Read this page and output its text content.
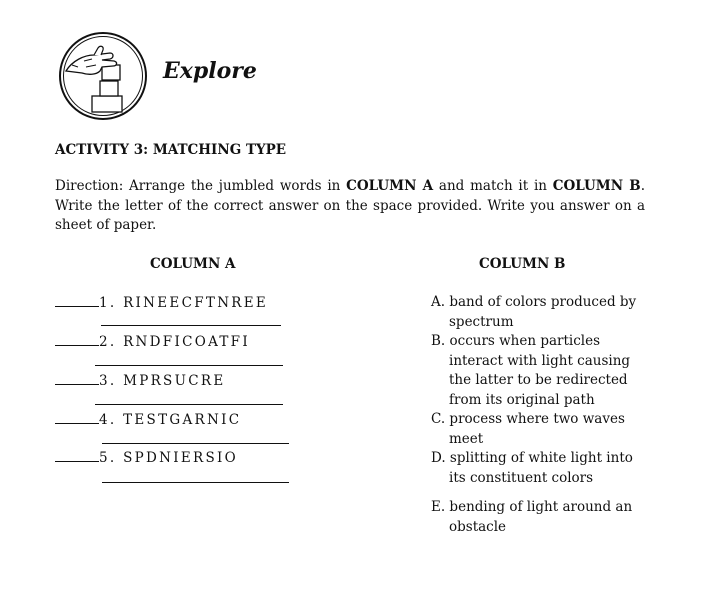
Explore
ACTIVITY 3: MATCHING TYPE
Direction: Arrange the jumbled words in COLUMN A and match it in COLUMN B. Write the letter of the correct answer on the space provided. Write you answer on a sheet of paper.
COLUMN A	COLUMN B
1. RINEECFTNREE
2. RNDFICOATFI
3. MPRSUCRE
4. TESTGARNIC
5. SPDNIERSIO
A. band of colors produced by
spectrum
B. occurs when particles
interact with light causing
the latter to be redirected
from its original path
C. process where two waves
meet
D. splitting of white light into
its constituent colors
E. bending of light around an
obstacle
